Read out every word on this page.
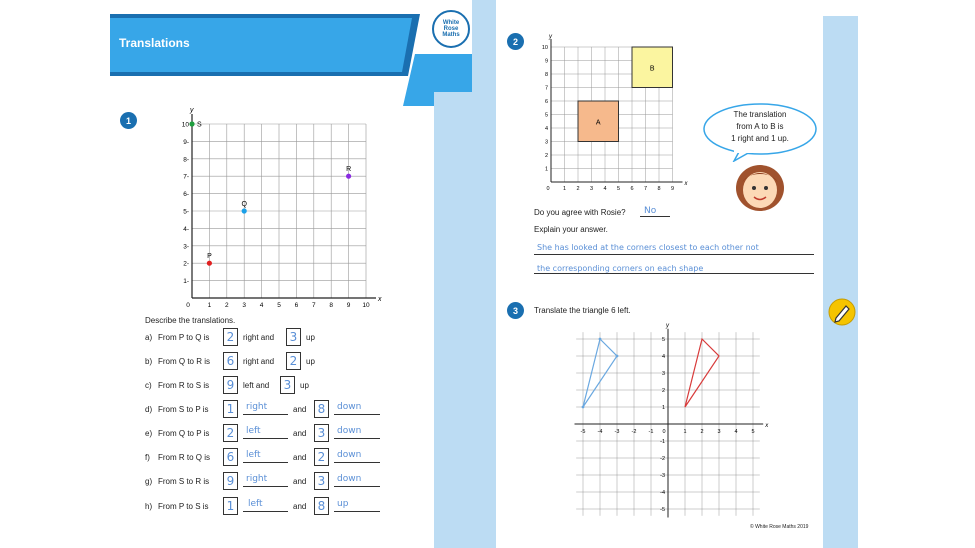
Translations
White
Rose
Maths
1
x
y
0	1 2 3 4 5 6 7 8 9 10
1-
2-
3-
4-
5-
6-
7-
8-
9-
10
P
Q
R
S
Describe the translations.
a) From P to Q is	2	right and	3	up
b) From Q to R is	6	right and	2	up
c) From R to S is	9	left and	3	up
d) From S to P is	1	right	and 8	down
e) From Q to P is	2	left	and 3	down
f) From R to Q is	6	left	and 2	down
g) From S to R is	9	right	and 3	down
h) From P to S is	1	left	and 8	up
2
A
B
x
y
0 1 2 3 4 5 6 7 8 9
1
2
3
4
5
6
7
8
9
10
The translation
from A to B is
1 right and 1 up.
Do you agree with Rosie? No
Explain your answer.
She has looked at the corners closest to each other not
the corresponding corners on each shape
3	Translate the triangle 6 left.
x
y
-5 -4 -3 -2 -1 0	1	2	3	4	5
5
4
3
2
1
-1
-2
-3
-4
-5
© White Rose Maths 2019
